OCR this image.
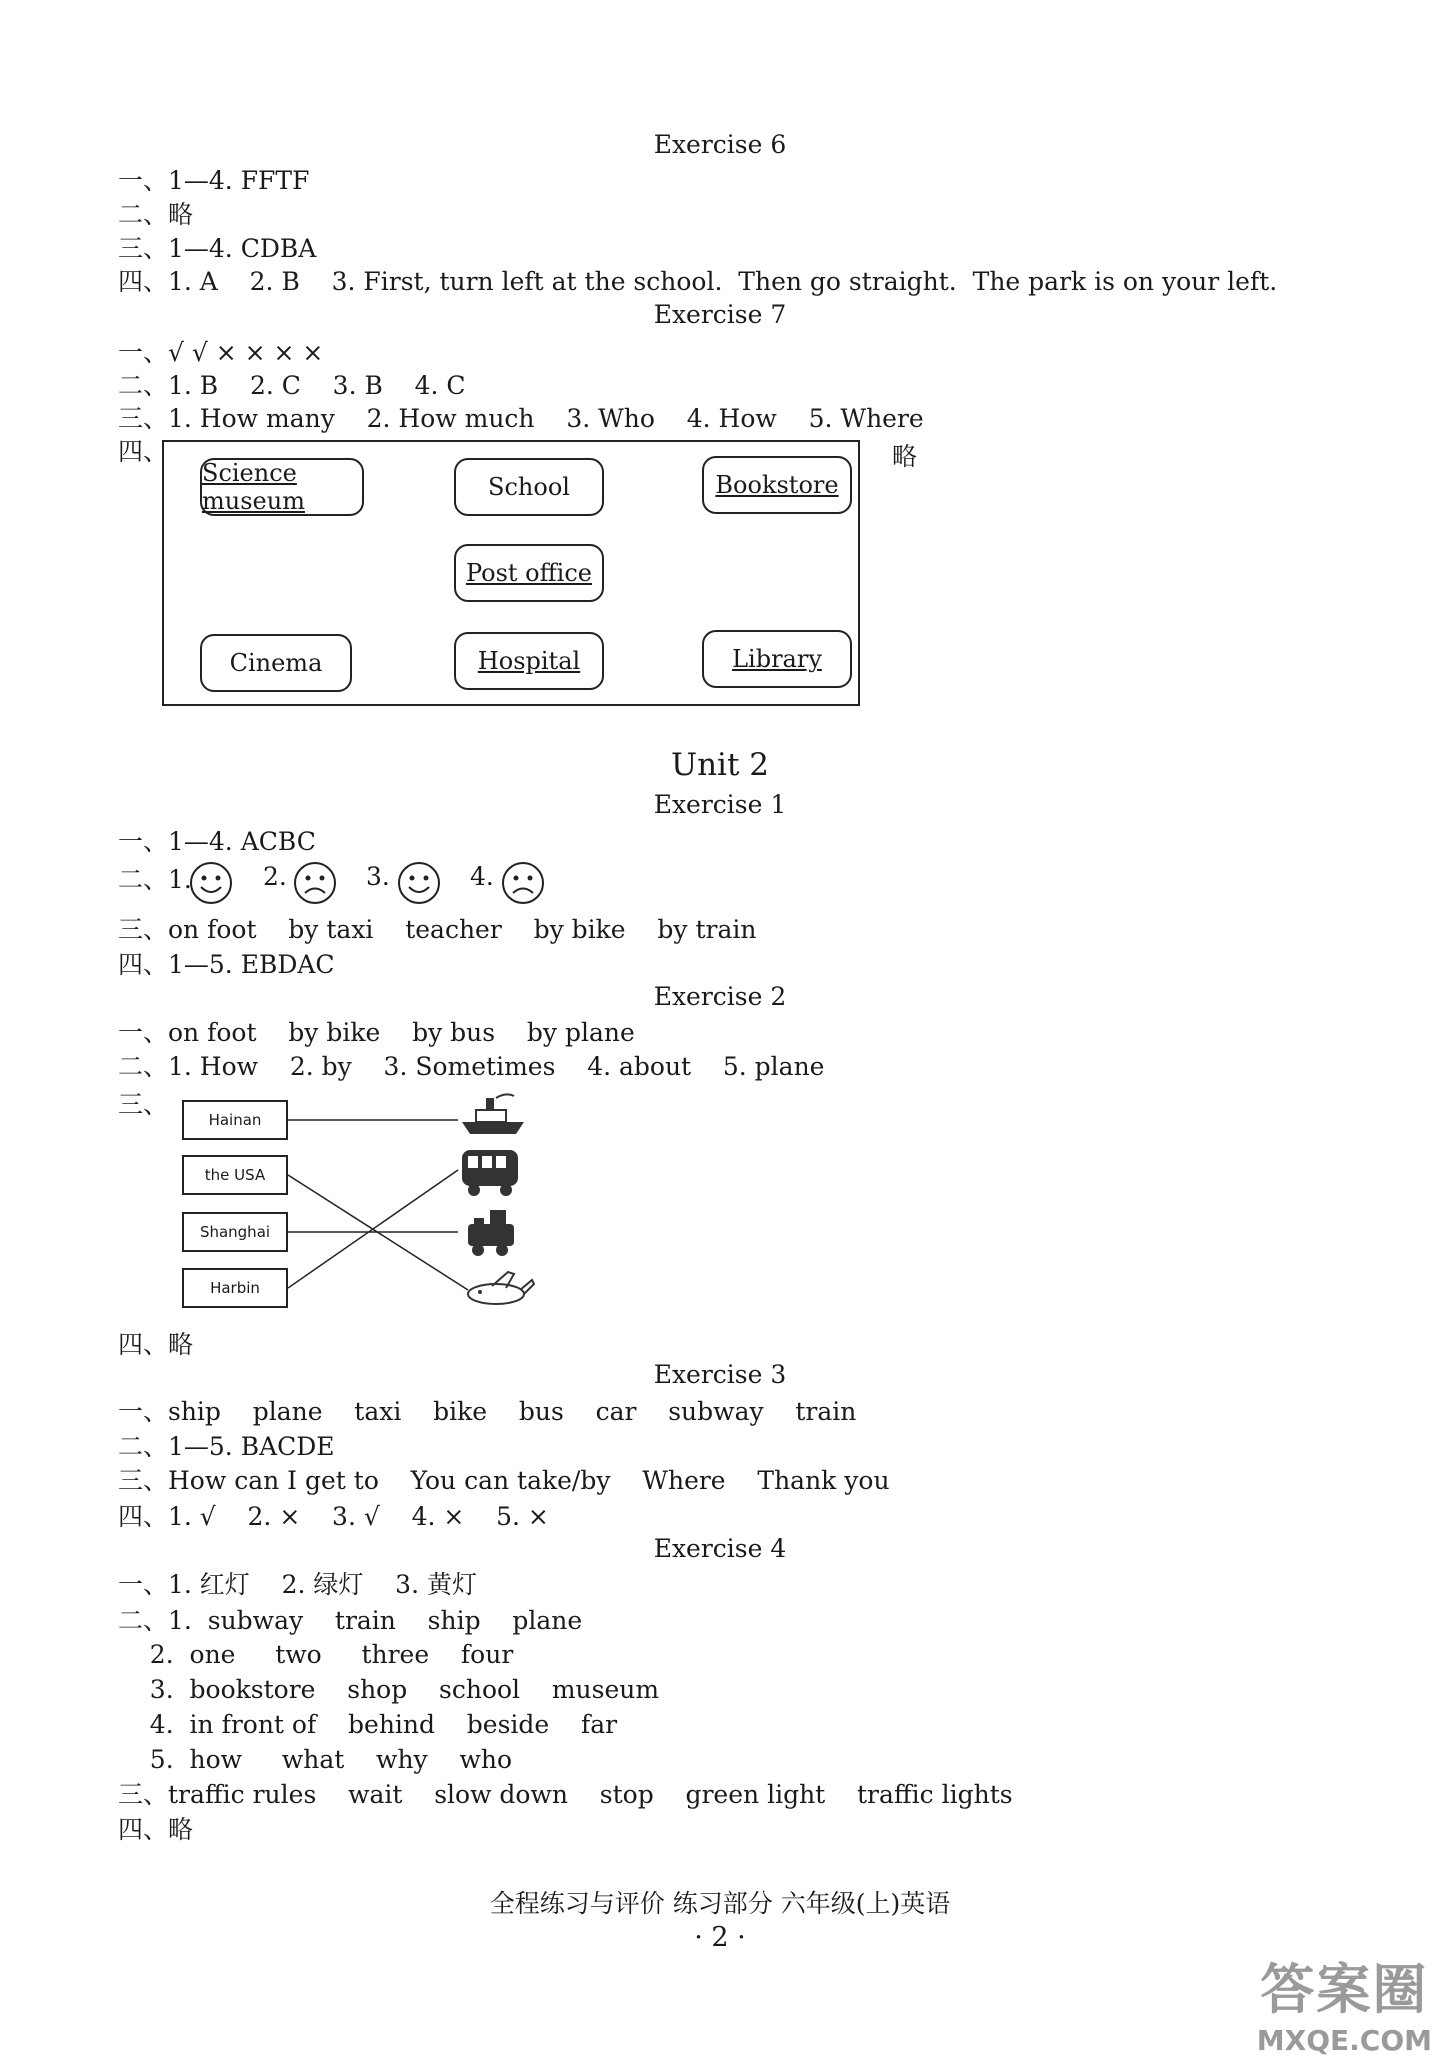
Exercise 6
一、1—4. FFTF
二、略
三、1—4. CDBA
四、1. A    2. B    3. First, turn left at the school.  Then go straight.  The park is on your left.
Exercise 7
一、√ √ × × × ×
二、1. B    2. C    3. B    4. C
三、1. How many    2. How much    3. Who    4. How    5. Where
四、	略
Science museum	School	Bookstore
Post office
Cinema	Hospital	Library
Unit 2
Exercise 1
一、1—4. ACBC
二、1.	2.	3.	4.
三、on foot    by taxi    teacher    by bike    by train
四、1—5. EBDAC
Exercise 2
一、on foot    by bike    by bus    by plane
二、1. How    2. by    3. Sometimes    4. about    5. plane
三、
Hainan
the USA
Shanghai
Harbin
四、略
Exercise 3
一、ship    plane    taxi    bike    bus    car    subway    train
二、1—5. BACDE
三、How can I get to    You can take/by    Where    Thank you
四、1. √    2. ×    3. √    4. ×    5. ×
Exercise 4
一、1. 红灯    2. 绿灯    3. 黄灯
二、1.  subway    train    ship    plane
2.  one     two     three    four
3.  bookstore    shop    school    museum
4.  in front of    behind    beside    far
5.  how     what    why    who
三、traffic rules    wait    slow down    stop    green light    traffic lights
四、略
全程练习与评价 练习部分 六年级(上)英语
· 2 ·
答案圈
MXQE.COM
